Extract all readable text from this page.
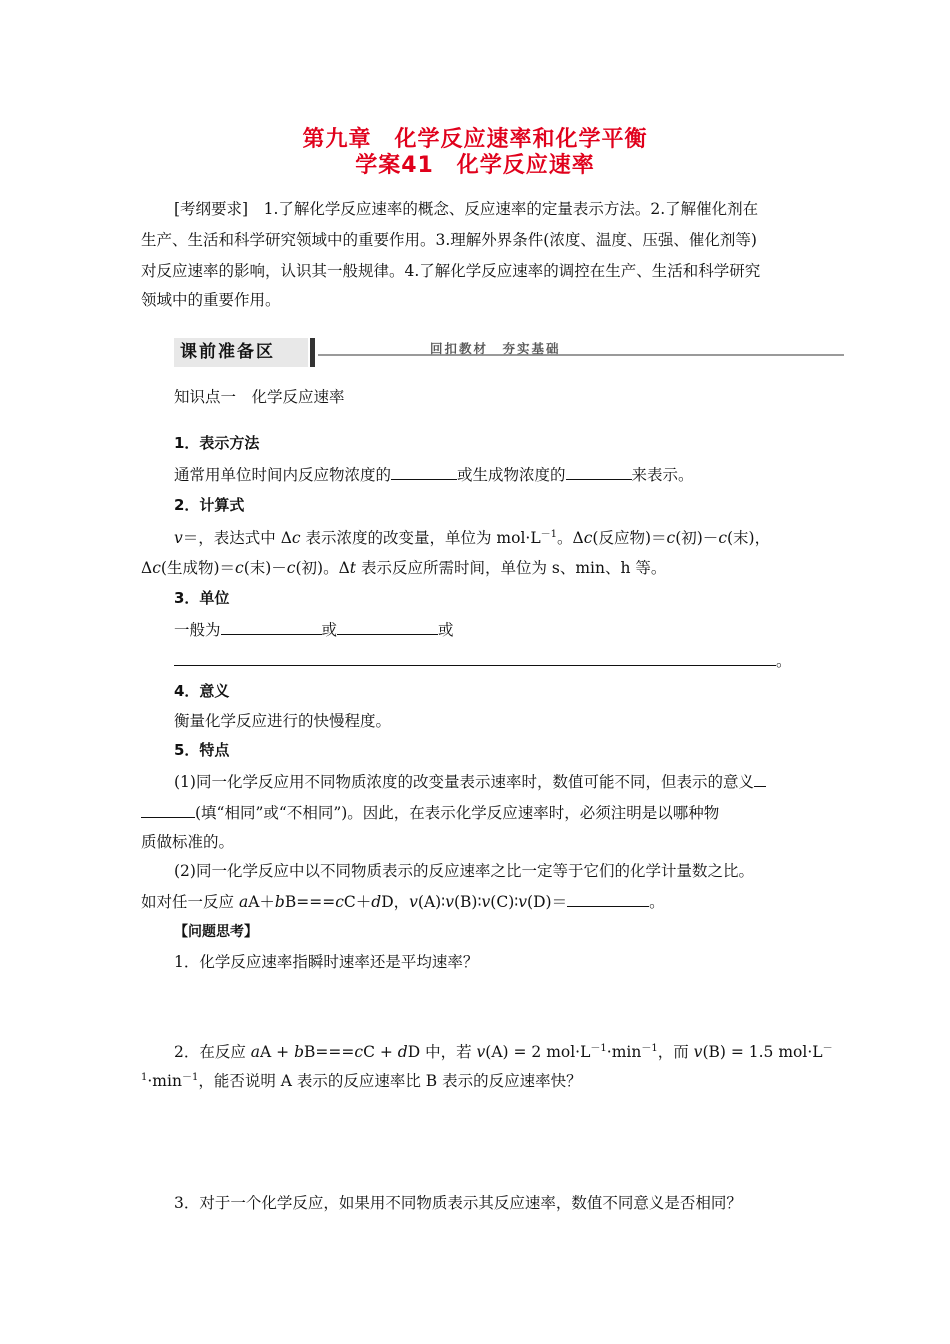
第九章　化学反应速率和化学平衡
学案41　化学反应速率
[考纲要求]　1.了解化学反应速率的概念、反应速率的定量表示方法。2.了解催化剂在
生产、生活和科学研究领域中的重要作用。3.理解外界条件(浓度、温度、压强、催化剂等)
对反应速率的影响，认识其一般规律。4.了解化学反应速率的调控在生产、生活和科学研究
领域中的重要作用。
课前准备区	回扣教材　夯实基础
知识点一　化学反应速率
1．表示方法
通常用单位时间内反应物浓度的	或生成物浓度的	来表示。
2．计算式
v＝，表达式中 Δc 表示浓度的改变量，单位为 $mol\cdot L^{-1}$。Δc(反应物)＝c(初)－c(末)，
Δc(生成物)＝c(末)－c(初)。Δt 表示反应所需时间，单位为 s、min、h 等。
3．单位
一般为	或	或
。
4．意义
衡量化学反应进行的快慢程度。
5．特点
(1)同一化学反应用不同物质浓度的改变量表示速率时，数值可能不同，但表示的意义
(填“相同”或“不相同”)。因此，在表示化学反应速率时，必须注明是以哪种物
质做标准的。
(2)同一化学反应中以不同物质表示的反应速率之比一定等于它们的化学计量数之比。
如对任一反应 aA＋bB===cC＋dD，v(A)∶v(B)∶v(C)∶v(D)＝	。
【问题思考】
1．化学反应速率指瞬时速率还是平均速率？
2．在反应 aA + bB===cC + dD 中，若 v(A) = 2 $mol\cdot L^{-1}\cdot\min^{-1}$，而 v(B) = 1.5 mol·L－
$^1\cdot\min^{-1}$，能否说明 A 表示的反应速率比 B 表示的反应速率快？
3．对于一个化学反应，如果用不同物质表示其反应速率，数值不同意义是否相同？
